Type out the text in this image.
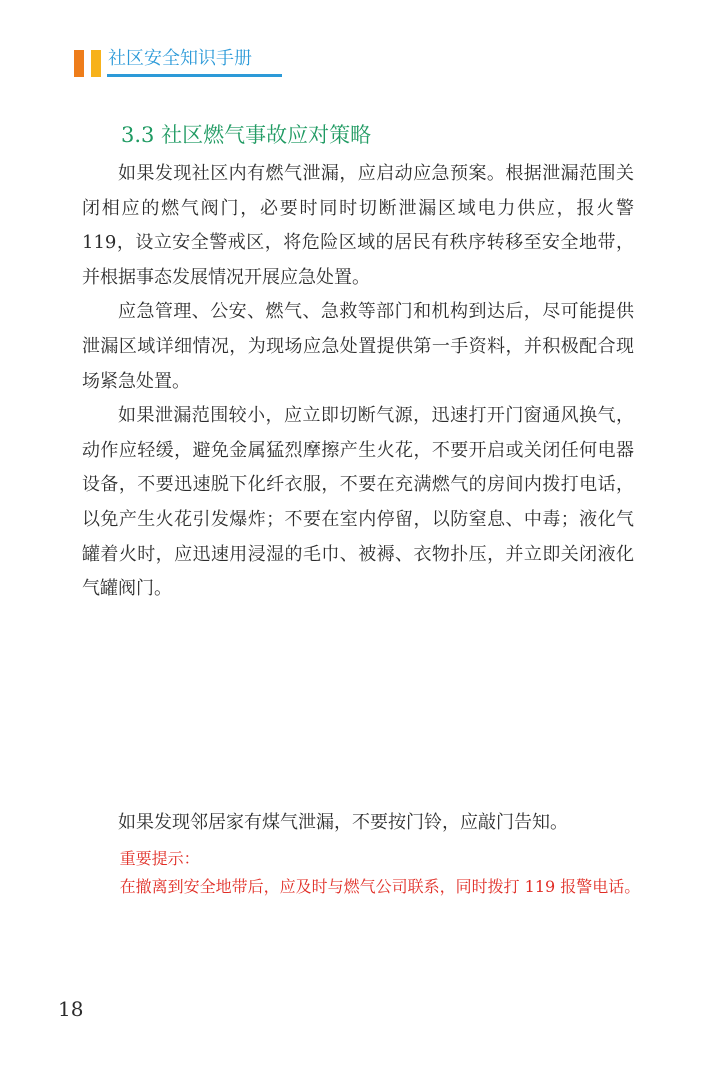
社区安全知识手册
3.3 社区燃气事故应对策略

如果发现社区内有燃气泄漏，应启动应急预案。根据泄漏范围关闭相应的燃气阀门，必要时同时切断泄漏区域电力供应，报火警119，设立安全警戒区，将危险区域的居民有秩序转移至安全地带，并根据事态发展情况开展应急处置。

应急管理、公安、燃气、急救等部门和机构到达后，尽可能提供泄漏区域详细情况，为现场应急处置提供第一手资料，并积极配合现场紧急处置。

如果泄漏范围较小，应立即切断气源，迅速打开门窗通风换气，动作应轻缓，避免金属猛烈摩擦产生火花，不要开启或关闭任何电器设备，不要迅速脱下化纤衣服，不要在充满燃气的房间内拨打电话，以免产生火花引发爆炸；不要在室内停留，以防窒息、中毒；液化气罐着火时，应迅速用浸湿的毛巾、被褥、衣物扑压，并立即关闭液化气罐阀门。

如果发现邻居家有煤气泄漏，不要按门铃，应敲门告知。

重要提示：

在撤离到安全地带后，应及时与燃气公司联系，同时拨打 119 报警电话。

18
